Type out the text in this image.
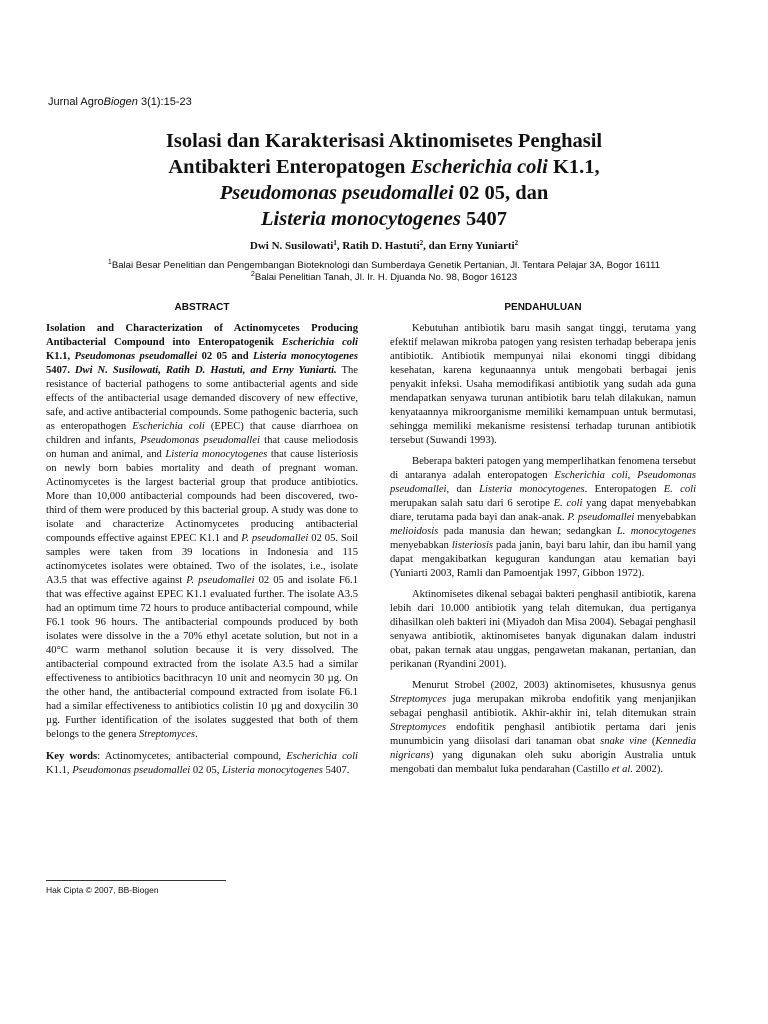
Jurnal AgroBiogen 3(1):15-23
Isolasi dan Karakterisasi Aktinomisetes Penghasil
Antibakteri Enteropatogen Escherichia coli K1.1,
Pseudomonas pseudomallei 02 05, dan
Listeria monocytogenes 5407
Dwi N. Susilowati$^1$, Ratih D. Hastuti$^2$, dan Erny Yuniarti$^2$
$^1$Balai Besar Penelitian dan Pengembangan Bioteknologi dan Sumberdaya Genetik Pertanian, Jl. Tentara Pelajar 3A, Bogor 16111
$^2$Balai Penelitian Tanah, Jl. Ir. H. Djuanda No. 98, Bogor 16123
ABSTRACT	PENDAHULUAN

Isolation and Characterization of Actinomycetes Producing Antibacterial Compound into Enteropatogenik Escherichia coli K1.1, Pseudomonas pseudomallei 02 05 and Listeria monocytogenes 5407. Dwi N. Susilowati, Ratih D. Hastuti, and Erny Yuniarti. The resistance of bacterial pathogens to some antibacterial agents and side effects of the antibacterial usage demanded discovery of new effective, safe, and active antibacterial compounds. Some pathogenic bacteria, such as enteropathogen Escherichia coli (EPEC) that cause diarrhoea on children and infants, Pseudomonas pseudomallei that cause meliodosis on human and animal, and Listeria monocytogenes that cause listeriosis on newly born babies mortality and death of pregnant woman. Actinomycetes is the largest bacterial group that produce antibiotics. More than 10,000 antibacterial compounds had been discovered, two-third of them were produced by this bacterial group. A study was done to isolate and characterize Actinomycetes producing antibacterial compounds effective against EPEC K1.1 and P. pseudomallei 02 05. Soil samples were taken from 39 locations in Indonesia and 115 actinomycetes isolates were obtained. Two of the isolates, i.e., isolate A3.5 that was effective against P. pseudomallei 02 05 and isolate F6.1 that was effective against EPEC K1.1 evaluated further. The isolate A3.5 had an optimum time 72 hours to produce antibacterial compound, while F6.1 took 96 hours. The antibacterial compounds produced by both isolates were dissolve in the a 70% ethyl acetate solution, but not in a 40°C warm methanol solution because it is very dissolved. The antibacterial compound extracted from the isolate A3.5 had a similar effectiveness to antibiotics bacithracyn 10 unit and neomycin 30 µg. On the other hand, the antibacterial compound extracted from isolate F6.1 had a similar effectiveness to antibiotics colistin 10 µg and doxycilin 30 µg. Further identification of the isolates suggested that both of them belongs to the genera Streptomyces.

Key words: Actinomycetes, antibacterial compound, Escherichia coli K1.1, Pseudomonas pseudomallei 02 05, Listeria monocytogenes 5407.

Kebutuhan antibiotik baru masih sangat tinggi, terutama yang efektif melawan mikroba patogen yang resisten terhadap beberapa jenis antibiotik. Antibiotik mempunyai nilai ekonomi tinggi dibidang kesehatan, karena kegunaannya untuk mengobati berbagai jenis penyakit infeksi. Usaha memodifikasi antibiotik yang sudah ada guna mendapatkan senyawa turunan antibiotik baru telah dilakukan, namun kenyataannya mikroorganisme memiliki kemampuan untuk bermutasi, sehingga memiliki mekanisme resistensi terhadap turunan antibiotik tersebut (Suwandi 1993).

Beberapa bakteri patogen yang memperlihatkan fenomena tersebut di antaranya adalah enteropatogen Escherichia coli, Pseudomonas pseudomallei, dan Listeria monocytogenes. Enteropatogen E. coli merupakan salah satu dari 6 serotipe E. coli yang dapat menyebabkan diare, terutama pada bayi dan anak-anak. P. pseudomallei menyebabkan melioidosis pada manusia dan hewan; sedangkan L. monocytogenes menyebabkan listeriosis pada janin, bayi baru lahir, dan ibu hamil yang dapat mengakibatkan keguguran kandungan atau kematian bayi (Yuniarti 2003, Ramli dan Pamoentjak 1997, Gibbon 1972).

Aktinomisetes dikenal sebagai bakteri penghasil antibiotik, karena lebih dari 10.000 antibiotik yang telah ditemukan, dua pertiganya dihasilkan oleh bakteri ini (Miyadoh dan Misa 2004). Sebagai penghasil senyawa antibiotik, aktinomisetes banyak digunakan dalam industri obat, pakan ternak atau unggas, pengawetan makanan, pertanian, dan perikanan (Ryandini 2001).

Menurut Strobel (2002, 2003) aktinomisetes, khususnya genus Streptomyces juga merupakan mikroba endofitik yang menjanjikan sebagai penghasil antibiotik. Akhir-akhir ini, telah ditemukan strain Streptomyces endofitik penghasil antibiotik pertama dari jenis munumbicin yang diisolasi dari tanaman obat snake vine (Kennedia nigricans) yang digunakan oleh suku aborigin Australia untuk mengobati dan membalut luka pendarahan (Castillo et al. 2002).

Hak Cipta © 2007, BB-Biogen
